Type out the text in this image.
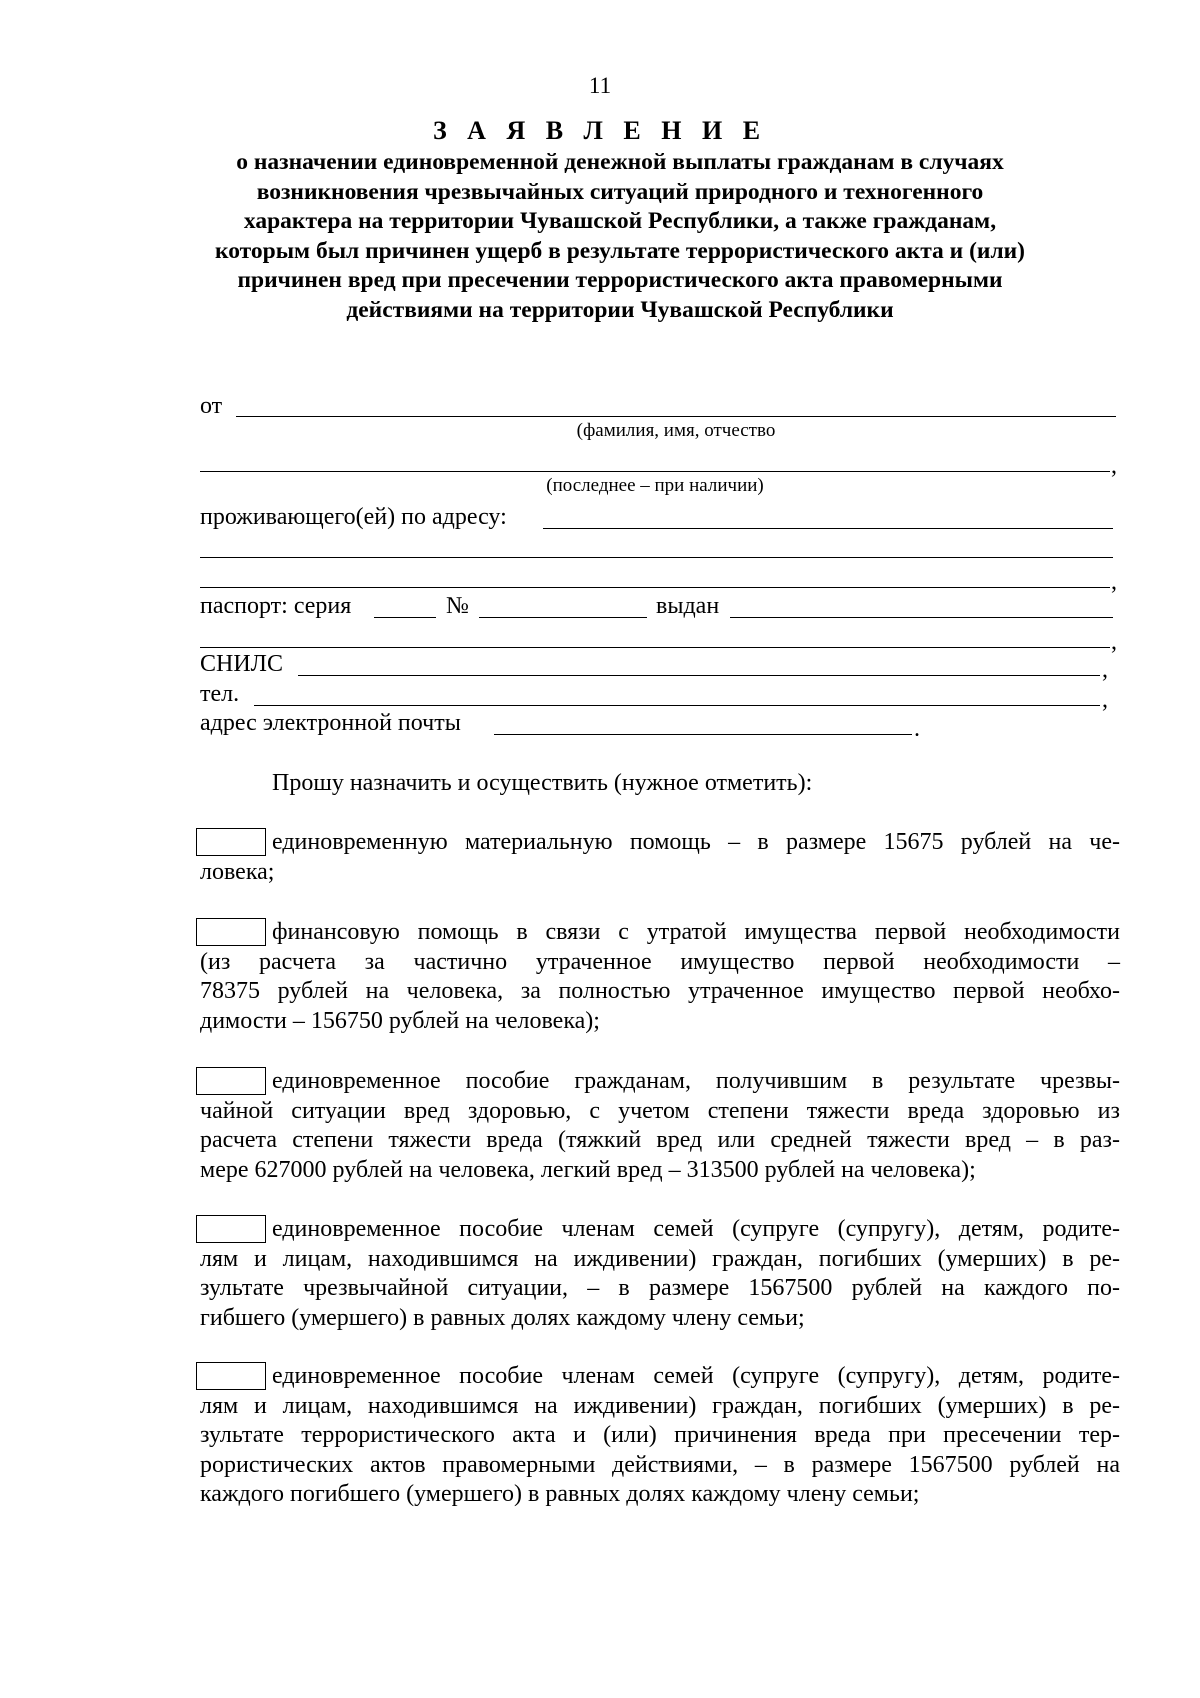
11
З А Я В Л Е Н И Е

о назначении единовременной денежной выплаты гражданам в случаях
возникновения чрезвычайных ситуаций природного и техногенного
характера на территории Чувашской Республики, а также гражданам,
которым был причинен ущерб в результате террористического акта и (или)
причинен вред при пресечении террористического акта правомерными
действиями на территории Чувашской Республики

от
(фамилия, имя, отчество
,
(последнее – при наличии)
проживающего(ей) по адресу:
,
паспорт: серия	№	выдан
,
СНИЛС	,
тел.	,
адрес электронной почты	.
Прошу назначить и осуществить (нужное отметить):
единовременную материальную помощь – в размере 15675 рублей на че-
ловека;
финансовую помощь в связи с утратой имущества первой необходимости
(из расчета за частично утраченное имущество первой необходимости –
78375 рублей на человека, за полностью утраченное имущество первой необхо-
димости – 156750 рублей на человека);
единовременное пособие гражданам, получившим в результате чрезвы-
чайной ситуации вред здоровью, с учетом степени тяжести вреда здоровью из
расчета степени тяжести вреда (тяжкий вред или средней тяжести вред – в раз-
мере 627000 рублей на человека, легкий вред – 313500 рублей на человека);
единовременное пособие членам семей (супруге (супругу), детям, родите-
лям и лицам, находившимся на иждивении) граждан, погибших (умерших) в ре-
зультате чрезвычайной ситуации, – в размере 1567500 рублей на каждого по-
гибшего (умершего) в равных долях каждому члену семьи;
единовременное пособие членам семей (супруге (супругу), детям, родите-
лям и лицам, находившимся на иждивении) граждан, погибших (умерших) в ре-
зультате террористического акта и (или) причинения вреда при пресечении тер-
рористических актов правомерными действиями, – в размере 1567500 рублей на
каждого погибшего (умершего) в равных долях каждому члену семьи;
